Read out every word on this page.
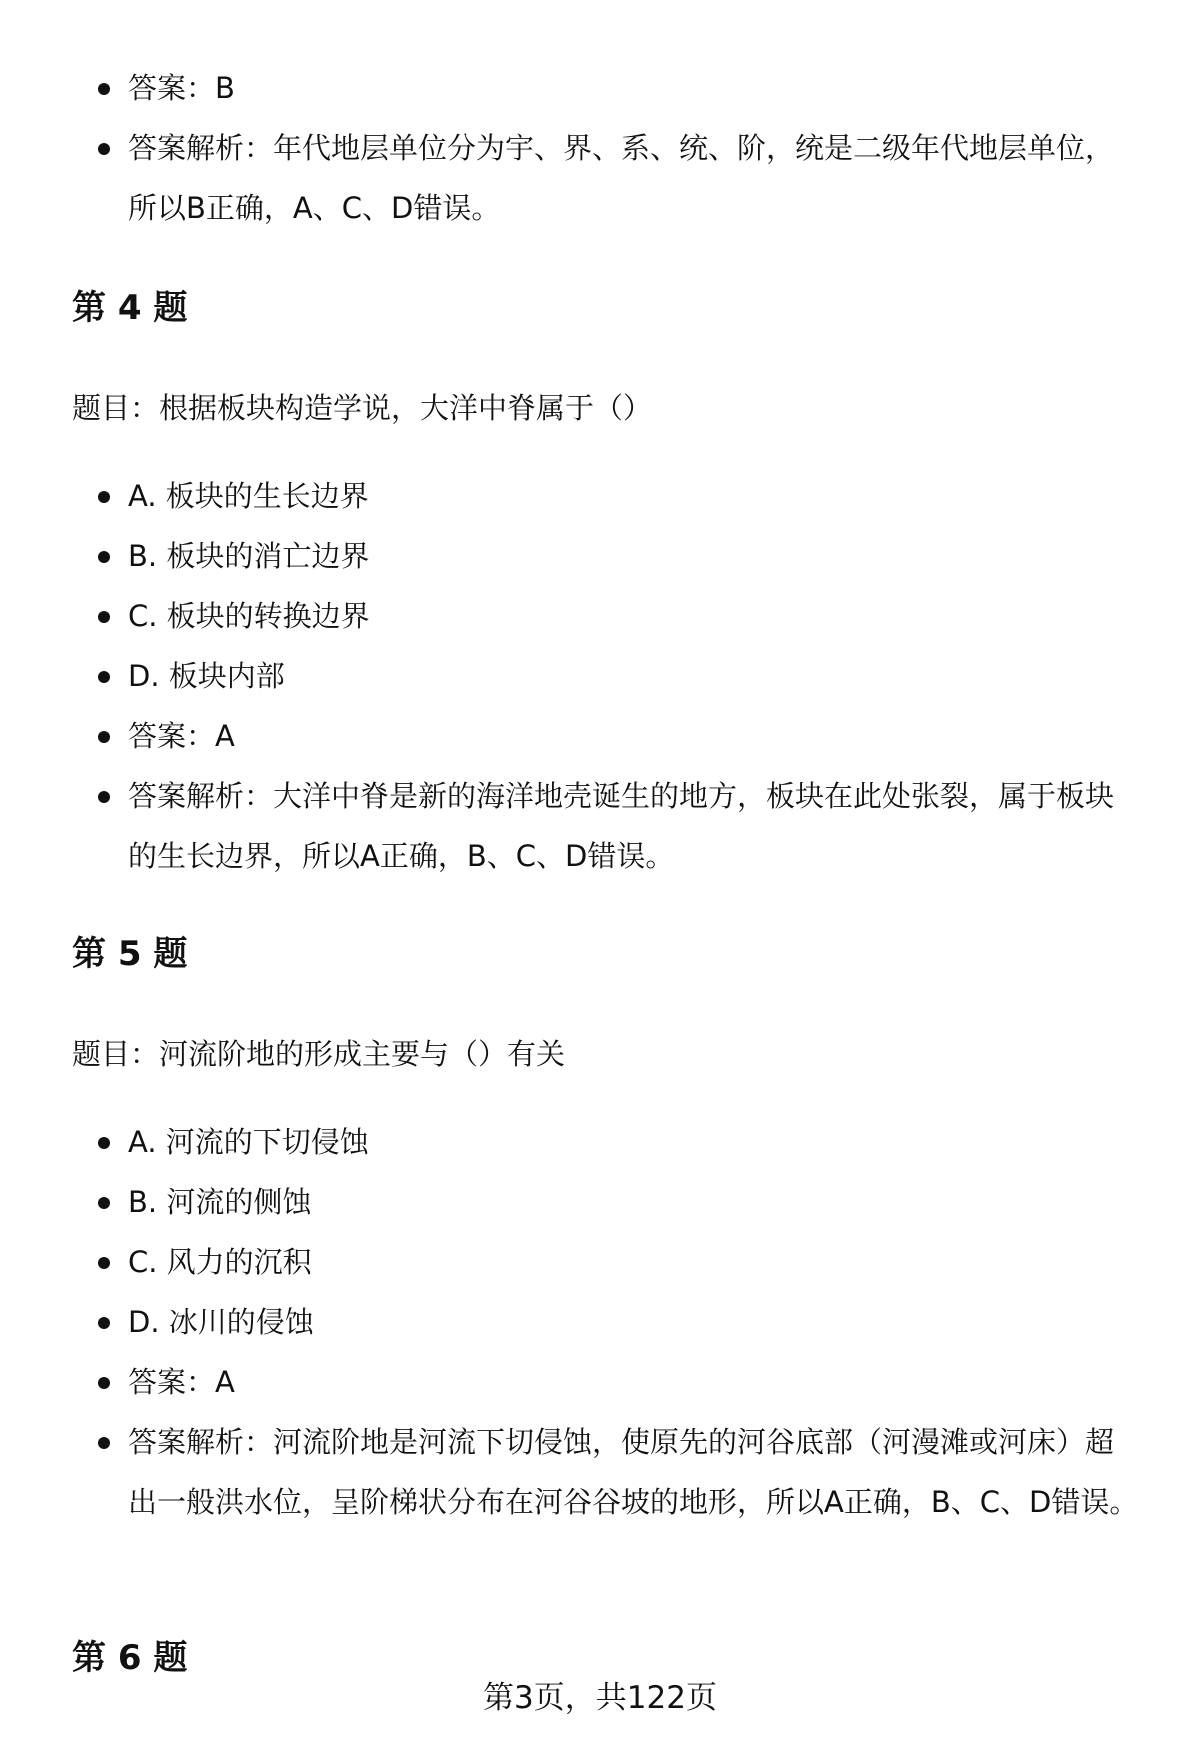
答案：B
答案解析：年代地层单位分为宇、界、系、统、阶，统是二级年代地层单位，所以B正确，A、C、D错误。
第 4 题

题目：根据板块构造学说，大洋中脊属于（）

A. 板块的生长边界
B. 板块的消亡边界
C. 板块的转换边界
D. 板块内部
答案：A
答案解析：大洋中脊是新的海洋地壳诞生的地方，板块在此处张裂，属于板块的生长边界，所以A正确，B、C、D错误。
第 5 题

题目：河流阶地的形成主要与（）有关

A. 河流的下切侵蚀
B. 河流的侧蚀
C. 风力的沉积
D. 冰川的侵蚀
答案：A
答案解析：河流阶地是河流下切侵蚀，使原先的河谷底部（河漫滩或河床）超出一般洪水位，呈阶梯状分布在河谷谷坡的地形，所以A正确，B、C、D错误。
第 6 题
第3页，共122页
